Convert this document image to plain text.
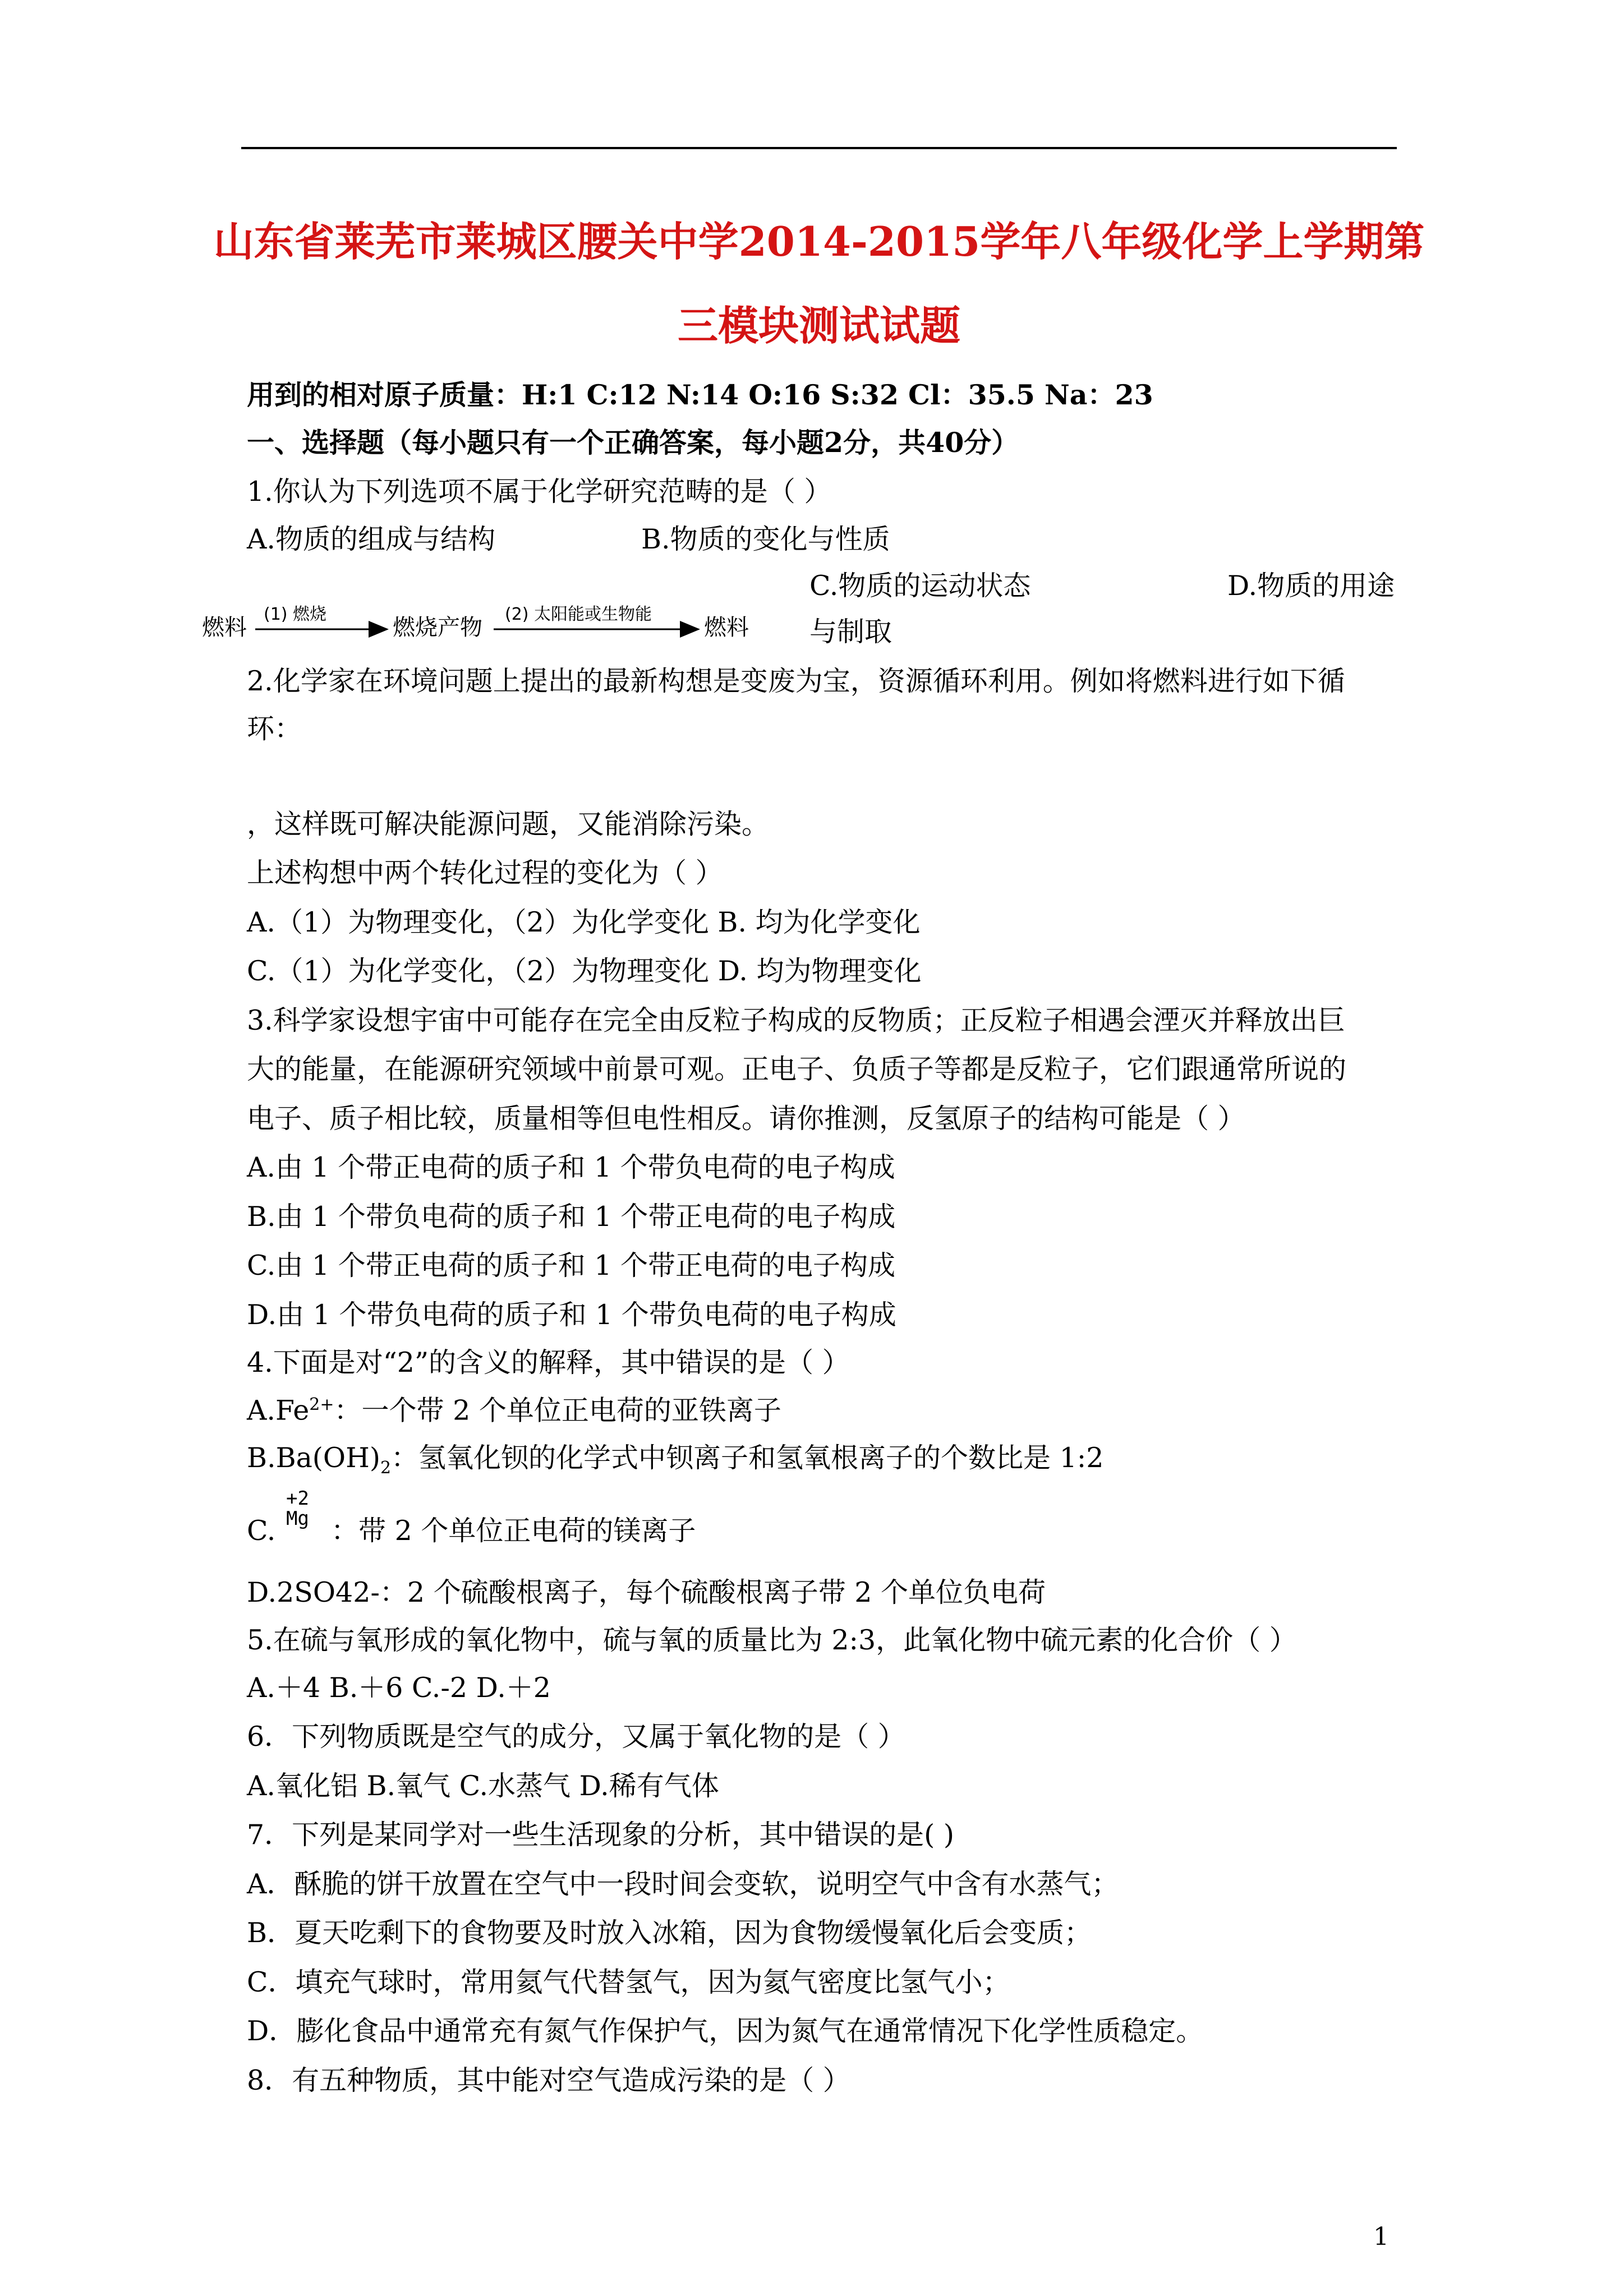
山东省莱芜市莱城区腰关中学2014-2015学年八年级化学上学期第
三模块测试试题
用到的相对原子质量：H:1 C:12 N:14 O:16 S:32 Cl：35.5 Na：23
一、选择题（每小题只有一个正确答案，每小题2分，共40分）
1.你认为下列选项不属于化学研究范畴的是（ ）
A.物质的组成与结构	B.物质的变化与性质
C.物质的运动状态	D.物质的用途
与制取
燃料
(1) 燃烧
燃烧产物
(2) 太阳能或生物能
燃料
2.化学家在环境问题上提出的最新构想是变废为宝，资源循环利用。例如将燃料进行如下循
环：
，这样既可解决能源问题，又能消除污染。
上述构想中两个转化过程的变化为（ ）
A.（1）为物理变化，（2）为化学变化 B. 均为化学变化
C.（1）为化学变化，（2）为物理变化 D. 均为物理变化
3.科学家设想宇宙中可能存在完全由反粒子构成的反物质；正反粒子相遇会湮灭并释放出巨
大的能量，在能源研究领域中前景可观。正电子、负质子等都是反粒子，它们跟通常所说的
电子、质子相比较，质量相等但电性相反。请你推测，反氢原子的结构可能是（ ）
A.由 1 个带正电荷的质子和 1 个带负电荷的电子构成
B.由 1 个带负电荷的质子和 1 个带正电荷的电子构成
C.由 1 个带正电荷的质子和 1 个带正电荷的电子构成
D.由 1 个带负电荷的质子和 1 个带负电荷的电子构成
4.下面是对“2”的含义的解释，其中错误的是（ ）
$A.Fe^{2+}$：一个带 2 个单位正电荷的亚铁离子
$B.Ba(OH)_2$：氢氧化钡的化学式中钡离子和氢氧根离子的个数比是 1:2
C.
+2
Mg ：带 2 个单位正电荷的镁离子
D.2SO42-：2 个硫酸根离子，每个硫酸根离子带 2 个单位负电荷
5.在硫与氧形成的氧化物中，硫与氧的质量比为 2:3，此氧化物中硫元素的化合价（ ）
A.＋4 B.＋6 C.-2 D.＋2
6．下列物质既是空气的成分，又属于氧化物的是（ ）
A.氧化铝 B.氧气 C.水蒸气 D.稀有气体
7．下列是某同学对一些生活现象的分析，其中错误的是( )
A．酥脆的饼干放置在空气中一段时间会变软，说明空气中含有水蒸气；
B．夏天吃剩下的食物要及时放入冰箱，因为食物缓慢氧化后会变质；
C．填充气球时，常用氦气代替氢气，因为氦气密度比氢气小；
D．膨化食品中通常充有氮气作保护气，因为氮气在通常情况下化学性质稳定。
8．有五种物质，其中能对空气造成污染的是（ ）
1
